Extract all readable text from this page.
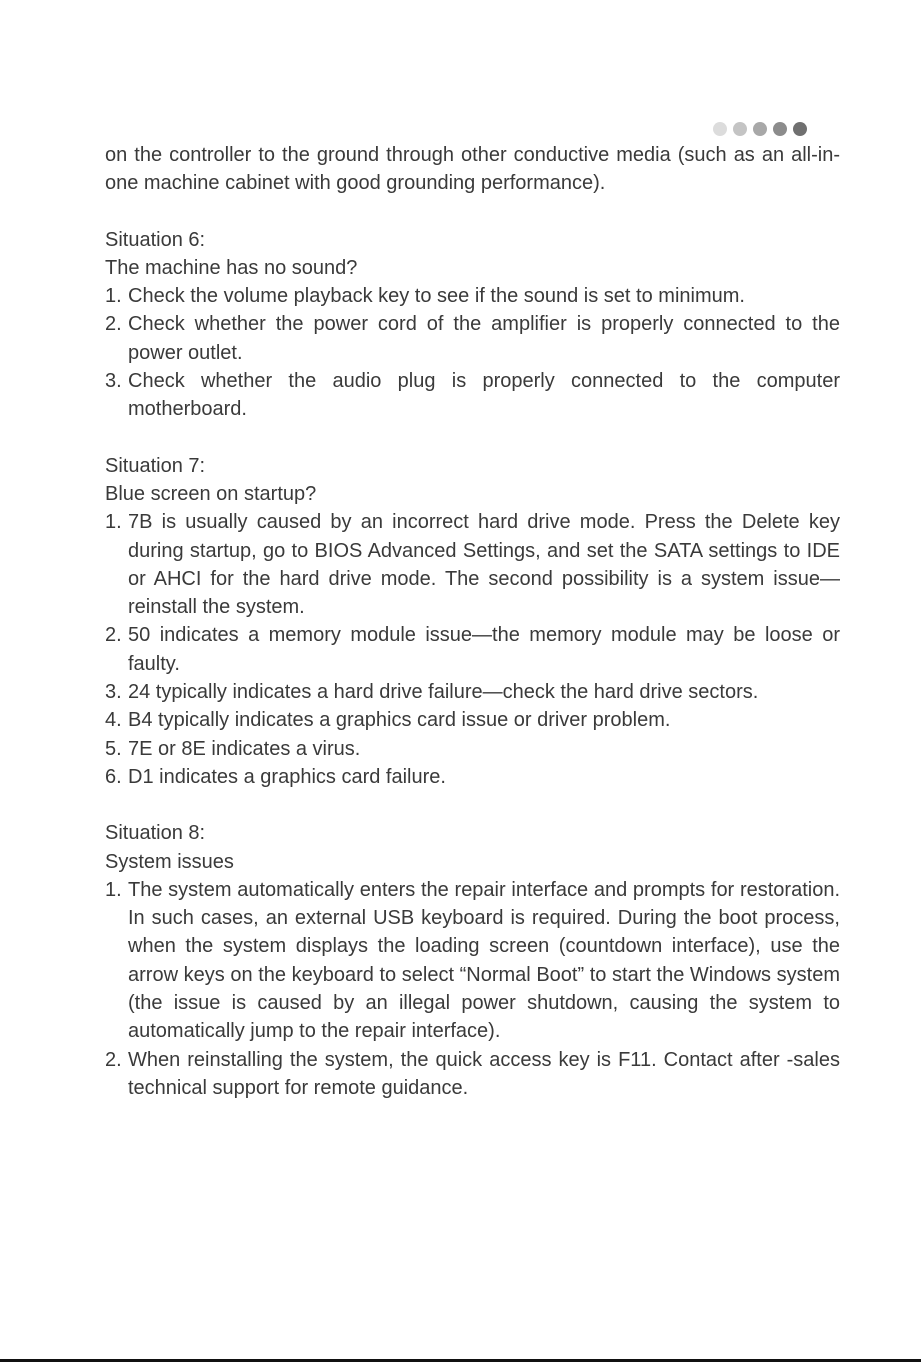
on the controller to the ground through other conductive media (such as an all-in-one machine cabinet with good grounding performance).

Situation 6:

The machine has no sound?

1. Check the volume playback key to see if the sound is set to minimum.
2. Check whether the power cord of the amplifier is properly connected to the power outlet.
3. Check whether the audio plug is properly connected to the computer motherboard.

Situation 7:

Blue screen on startup?

1. 7B is usually caused by an incorrect hard drive mode. Press the Delete key during startup, go to BIOS Advanced Settings, and set the SATA settings to IDE or AHCI for the hard drive mode. The second possibility is a system issue—reinstall the system.
2. 50 indicates a memory module issue—the memory module may be loose or faulty.
3. 24 typically indicates a hard drive failure—check the hard drive sectors.
4. B4 typically indicates a graphics card issue or driver problem.
5. 7E or 8E indicates a virus.
6. D1 indicates a graphics card failure.

Situation 8:

System issues

1. The system automatically enters the repair interface and prompts for restoration. In such cases, an external USB keyboard is required. During the boot process, when the system displays the loading screen (countdown interface), use the arrow keys on the keyboard to select “Normal Boot” to start the Windows system (the issue is caused by an illegal power shutdown, causing the system to automatically jump to the repair interface).
2. When reinstalling the system, the quick access key is F11. Contact after -sales technical support for remote guidance.
